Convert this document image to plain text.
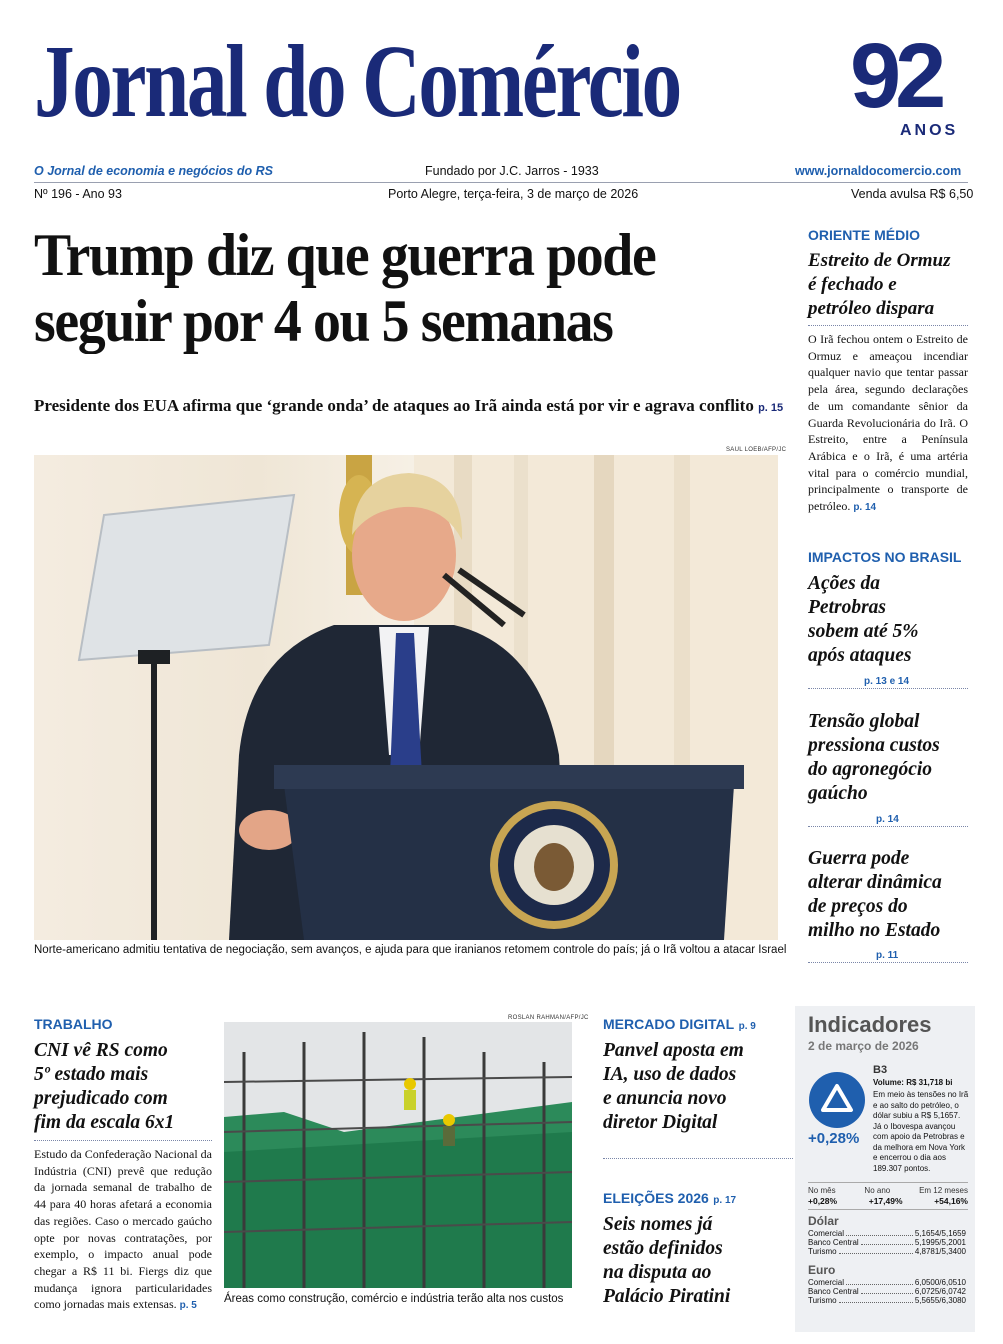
Jornal do Comércio 92
ANOS
O Jornal de economia e negócios do RS	Fundado por J.C. Jarros - 1933	www.jornaldocomercio.com
Nº 196 - Ano 93	Porto Alegre, terça-feira, 3 de março de 2026	Venda avulsa R$ 6,50
Trump diz que guerra pode
seguir por 4 ou 5 semanas
Presidente dos EUA afirma que ‘grande onda’ de ataques ao Irã ainda está por vir e agrava conflito p. 15
SAUL LOEB/AFP/JC
Norte-americano admitiu tentativa de negociação, sem avanços, e ajuda para que iranianos retomem controle do país; já o Irã voltou a atacar Israel
ORIENTE MÉDIO
Estreito de Ormuz
é fechado e
petróleo dispara
O Irã fechou ontem o Estreito de Ormuz e ameaçou incendiar qualquer navio que tentar passar pela área, segundo declarações de um comandante sênior da Guarda Revolucionária do Irã. O Estreito, entre a Península Arábica e o Irã, é uma artéria vital para o comércio mundial, principalmente o transporte de petróleo. p. 14
IMPACTOS NO BRASIL
Ações da
Petrobras
sobem até 5%
após ataques
p. 13 e 14
Tensão global
pressiona custos
do agronegócio
gaúcho
p. 14
Guerra pode
alterar dinâmica
de preços do
milho no Estado
p. 11
TRABALHO
CNI vê RS como
5º estado mais
prejudicado com
fim da escala 6x1
Estudo da Confederação Nacional da Indústria (CNI) prevê que redução da jornada semanal de trabalho de 44 para 40 horas afetará a economia das regiões. Caso o mercado gaúcho opte por novas contratações, por exemplo, o impacto anual pode chegar a R$ 11 bi. Fiergs diz que mudança ignora particularidades como jornadas mais extensas. p. 5
ROSLAN RAHMAN/AFP/JC
Áreas como construção, comércio e indústria terão alta nos custos
MERCADO DIGITAL p. 9
Panvel aposta em
IA, uso de dados
e anuncia novo
diretor Digital
ELEIÇÕES 2026 p. 17
Seis nomes já
estão definidos
na disputa ao
Palácio Piratini
Indicadores
2 de março de 2026
+0,28%
B3
Volume: R$ 31,718 bi
Em meio às tensões no Irã e ao salto do petróleo, o dólar subiu a R$ 5,1657. Já o Ibovespa avançou com apoio da Petrobras e da melhora em Nova York e encerrou o dia aos 189.307 pontos.
No mês	No ano	Em 12 meses
+0,28%	+17,49%	+54,16%
Dólar
Comercial	5,1654/5,1659
Banco Central	5,1995/5,2001
Turismo	4,8781/5,3400
Euro
Comercial	6,0500/6,0510
Banco Central	6,0725/6,0742
Turismo	5,5655/6,3080
